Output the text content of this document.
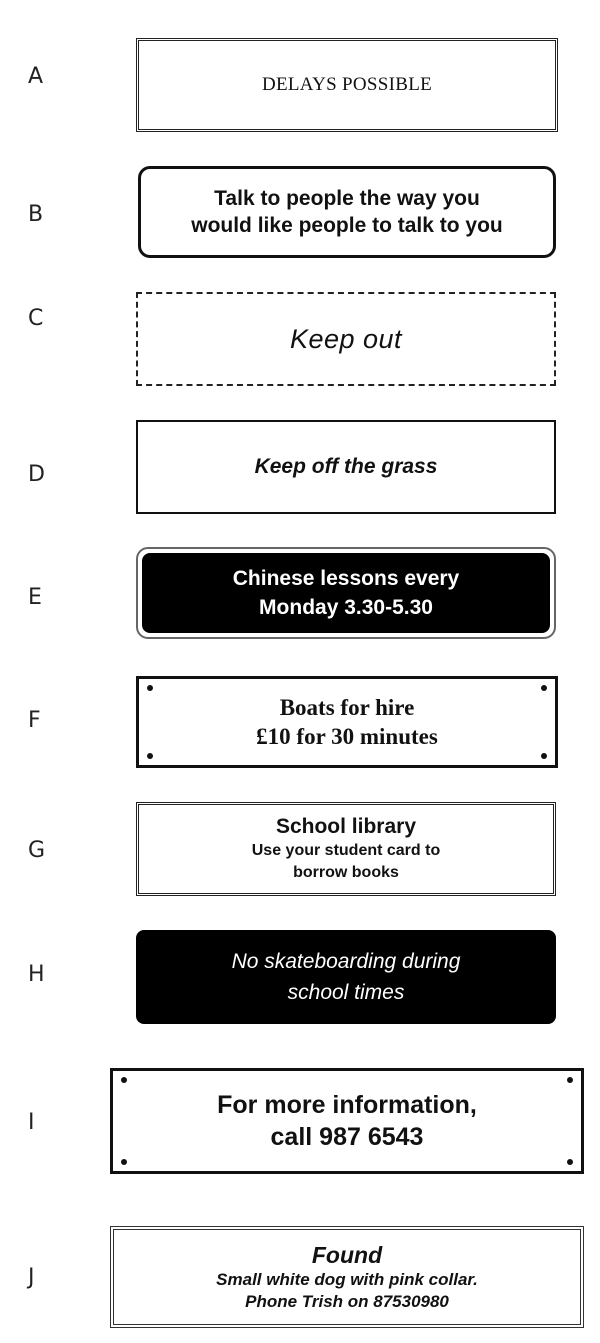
A	DELAYS POSSIBLE
B
Talk to people the way you
would like people to talk to you
C
Keep out
D	Keep off the grass
E
Chinese lessons every
Monday 3.30-5.30
F
Boats for hire
£10 for 30 minutes
G
School library
Use your student card to
borrow books
H
No skateboarding during
school times
I
For more information,
call 987 6543
J
Found
Small white dog with pink collar.
Phone Trish on 87530980
